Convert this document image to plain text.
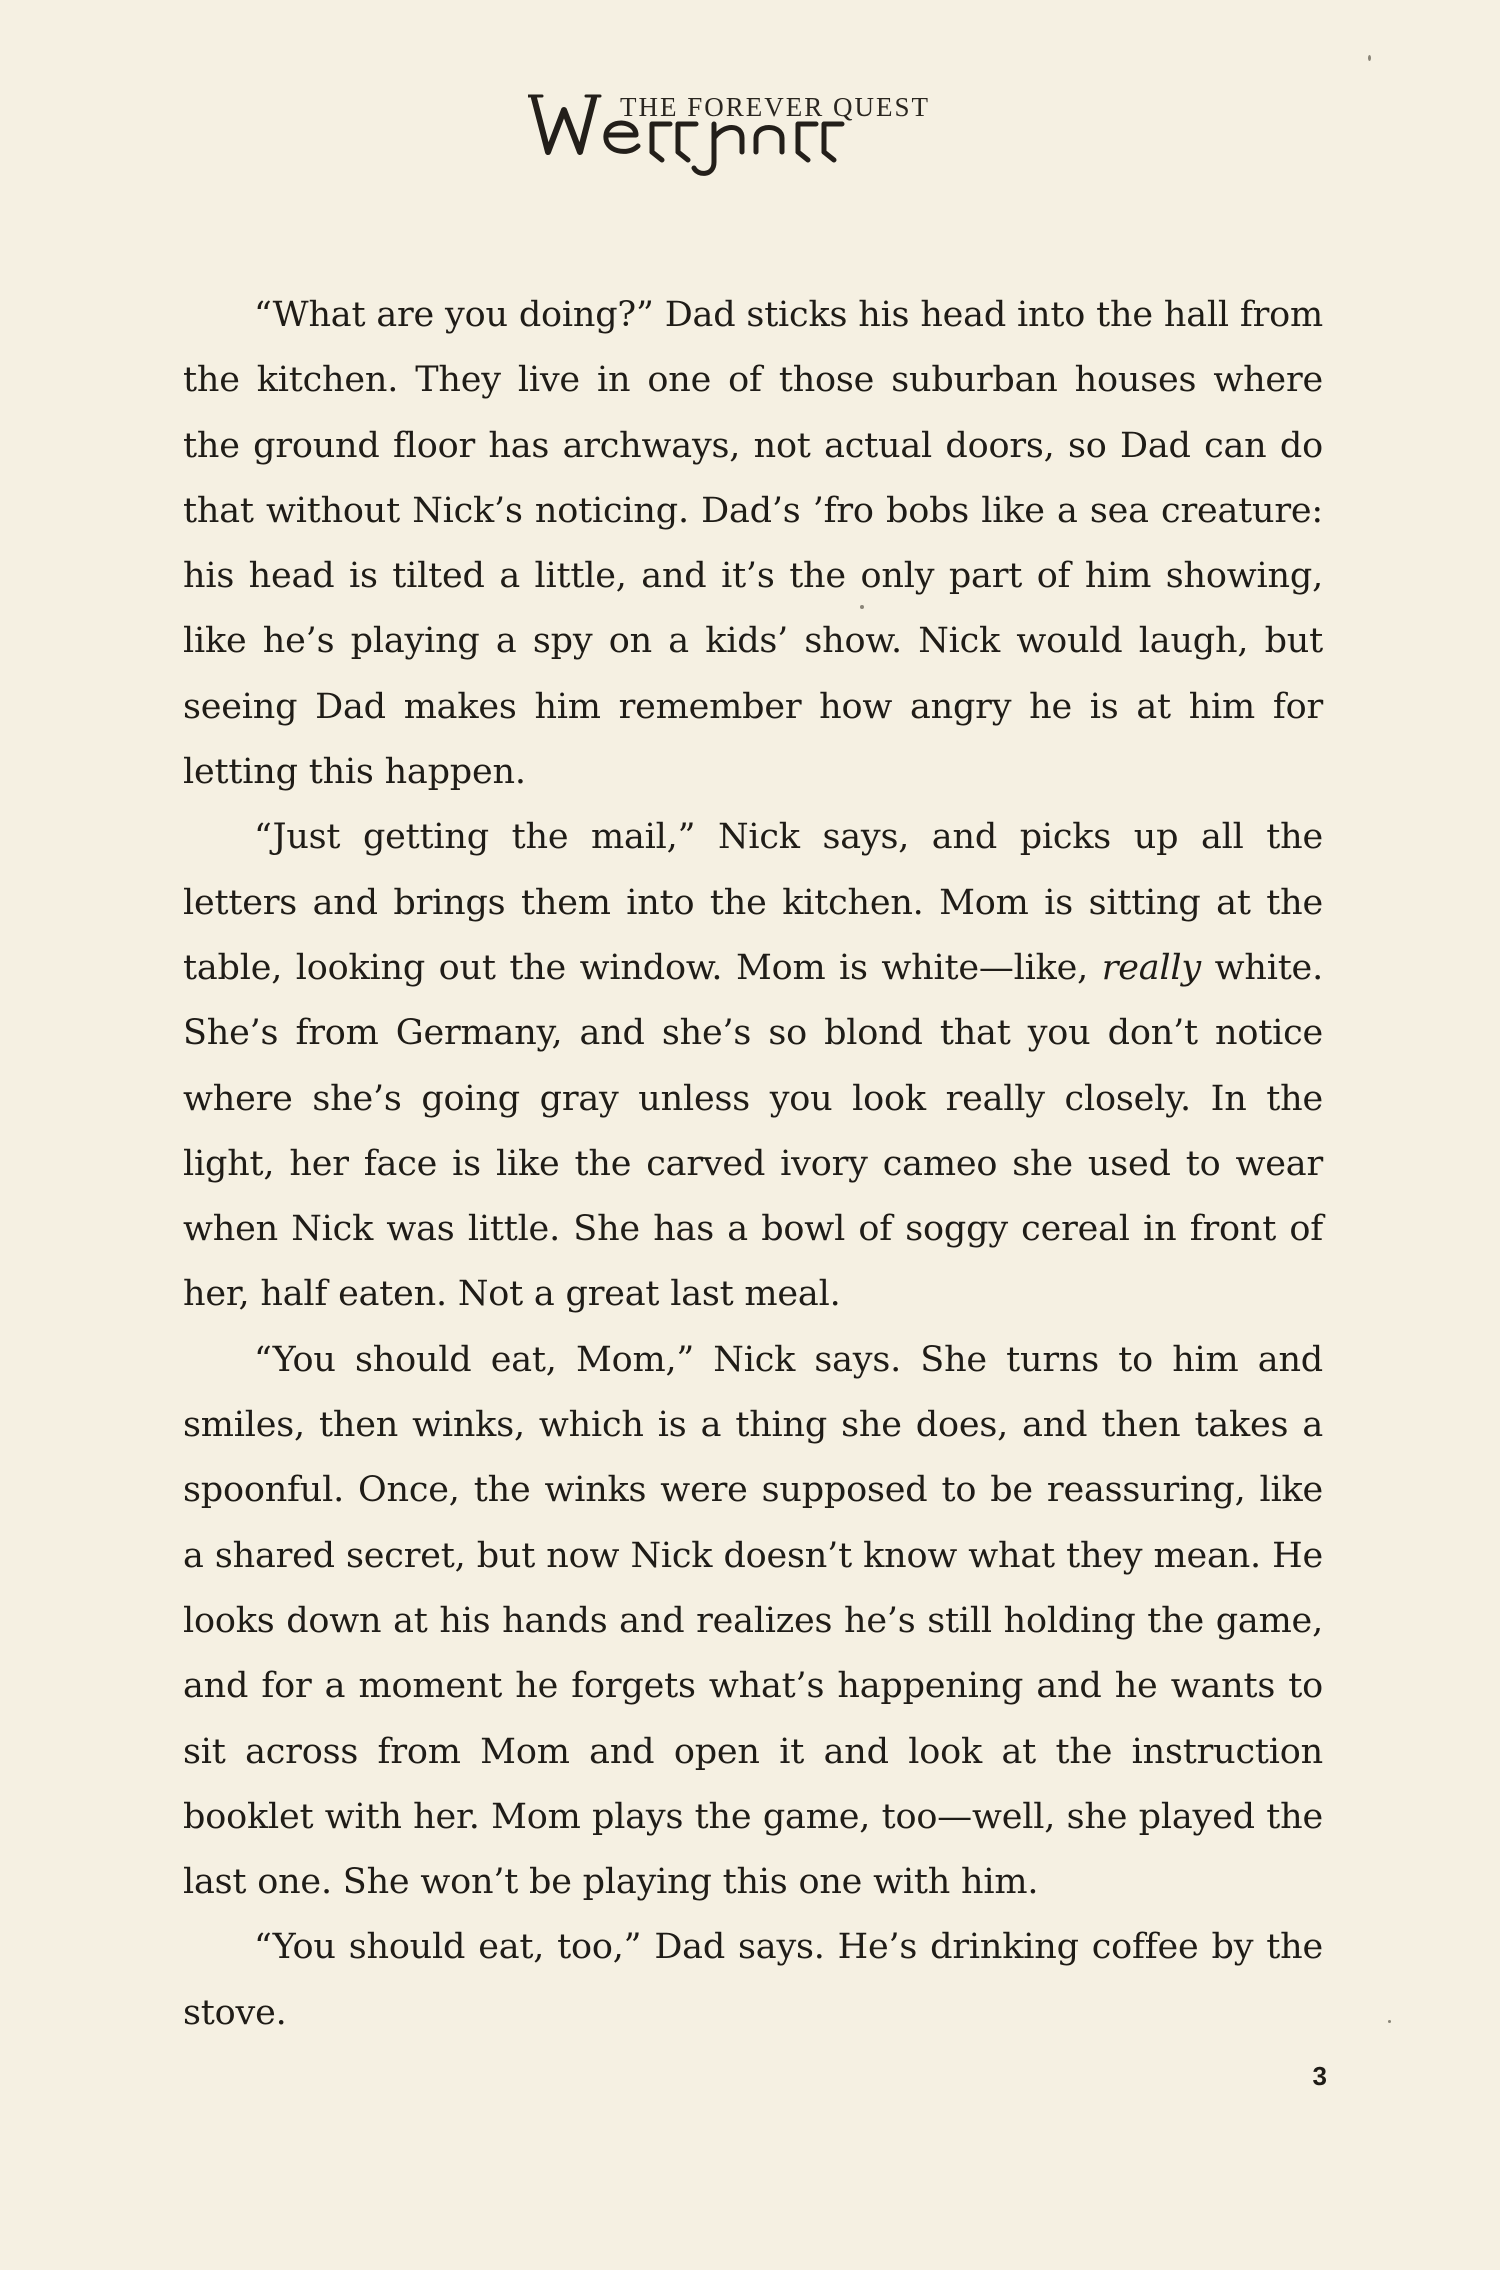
THE FOREVER QUEST

“What are you doing?” Dad sticks his head into the hall from the kitchen. They live in one of those suburban houses where the ground floor has archways, not actual doors, so Dad can do that without Nick’s noticing. Dad’s ’fro bobs like a sea creature: his head is tilted a little, and it’s the only part of him showing, like he’s playing a spy on a kids’ show. Nick would laugh, but seeing Dad makes him remember how angry he is at him for letting this happen.

“Just getting the mail,” Nick says, and picks up all the letters and brings them into the kitchen. Mom is sitting at the table, looking out the window. Mom is white—like, really white. She’s from Germany, and she’s so blond that you don’t notice where she’s going gray unless you look really closely. In the light, her face is like the carved ivory cameo she used to wear when Nick was little. She has a bowl of soggy cereal in front of her, half eaten. Not a great last meal.

“You should eat, Mom,” Nick says. She turns to him and smiles, then winks, which is a thing she does, and then takes a spoonful. Once, the winks were supposed to be reassuring, like a shared secret, but now Nick doesn’t know what they mean. He looks down at his hands and realizes he’s still holding the game, and for a moment he forgets what’s happening and he wants to sit across from Mom and open it and look at the instruction booklet with her. Mom plays the game, too—well, she played the last one. She won’t be playing this one with him.

“You should eat, too,” Dad says. He’s drinking coffee by the stove.

3
